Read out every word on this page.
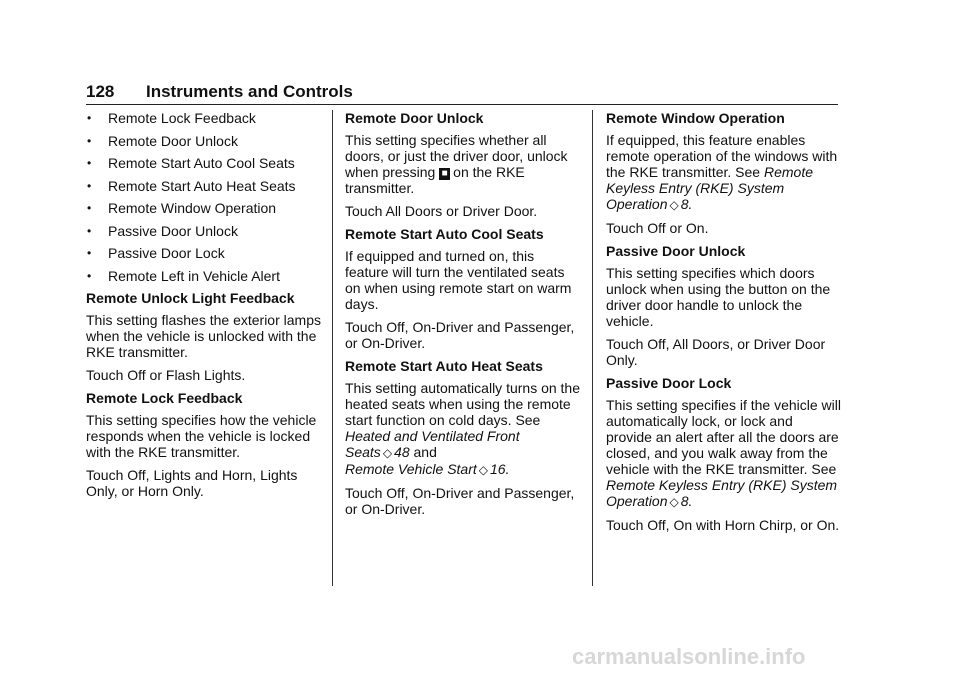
128 Instruments and Controls
• Remote Lock Feedback
• Remote Door Unlock
• Remote Start Auto Cool Seats
• Remote Start Auto Heat Seats
• Remote Window Operation
• Passive Door Unlock
• Passive Door Lock
• Remote Left in Vehicle Alert
Remote Unlock Light Feedback
This setting flashes the exterior lamps when the vehicle is unlocked with the RKE transmitter.
Touch Off or Flash Lights.
Remote Lock Feedback
This setting specifies how the vehicle responds when the vehicle is locked with the RKE transmitter.
Touch Off, Lights and Horn, Lights Only, or Horn Only.
Remote Door Unlock
This setting specifies whether all doors, or just the driver door, unlock when pressing ■ on the RKE transmitter.
Touch All Doors or Driver Door.
Remote Start Auto Cool Seats
If equipped and turned on, this feature will turn the ventilated seats on when using remote start on warm days.
Touch Off, On-Driver and Passenger, or On-Driver.
Remote Start Auto Heat Seats
This setting automatically turns on the heated seats when using the remote start function on cold days. See Heated and Ventilated Front Seats ◇ 48 and
Remote Vehicle Start ◇ 16.
Touch Off, On-Driver and Passenger, or On-Driver.
Remote Window Operation
If equipped, this feature enables remote operation of the windows with the RKE transmitter. See Remote Keyless Entry (RKE) System Operation ◇ 8.
Touch Off or On.
Passive Door Unlock
This setting specifies which doors unlock when using the button on the driver door handle to unlock the vehicle.
Touch Off, All Doors, or Driver Door Only.
Passive Door Lock
This setting specifies if the vehicle will automatically lock, or lock and provide an alert after all the doors are closed, and you walk away from the vehicle with the RKE transmitter. See Remote Keyless Entry (RKE) System Operation ◇ 8.
Touch Off, On with Horn Chirp, or On.
carmanualsonline.info
